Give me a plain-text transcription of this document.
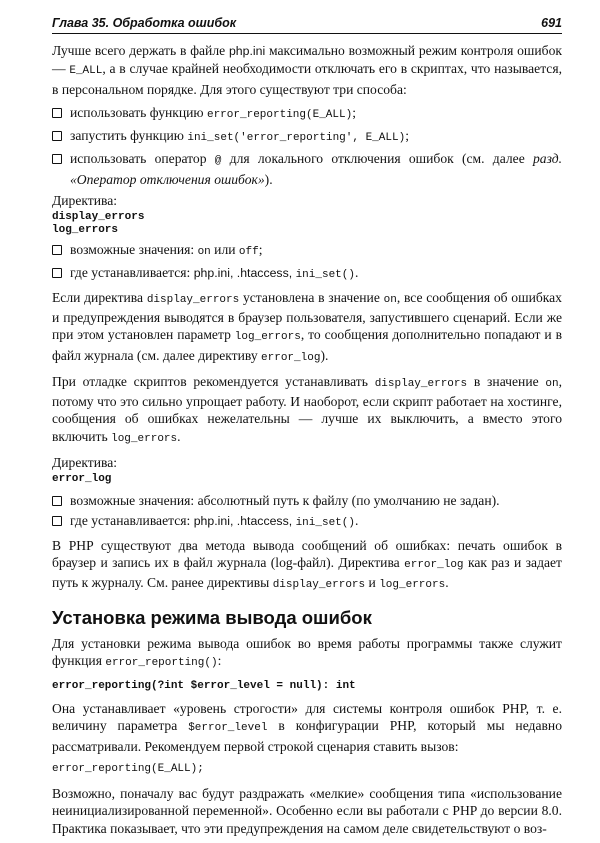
Глава 35. Обработка ошибок	691

Лучше всего держать в файле php.ini максимально возможный режим контроля ошибок — E_ALL, а в случае крайней необходимости отключать его в скриптах, что называется, в персональном порядке. Для этого существуют три способа:

использовать функцию error_reporting(E_ALL);
запустить функцию ini_set('error_reporting', E_ALL);
использовать оператор @ для локального отключения ошибок (см. далее разд. «Оператор отключения ошибок»).
Директива:
display_errors
log_errors
возможные значения: on или off;
где устанавливается: php.ini, .htaccess, ini_set().

Если директива display_errors установлена в значение on, все сообщения об ошибках и предупреждения выводятся в браузер пользователя, запустившего сценарий. Если же при этом установлен параметр log_errors, то сообщения дополнительно попадают и в файл журнала (см. далее директиву error_log).

При отладке скриптов рекомендуется устанавливать display_errors в значение on, потому что это сильно упрощает работу. И наоборот, если скрипт работает на хостинге, сообщения об ошибках нежелательны — лучше их выключить, а вместо этого включить log_errors.

Директива:
error_log
возможные значения: абсолютный путь к файлу (по умолчанию не задан).
где устанавливается: php.ini, .htaccess, ini_set().

В PHP существуют два метода вывода сообщений об ошибках: печать ошибок в браузер и запись их в файл журнала (log-файл). Директива error_log как раз и задает путь к журналу. См. ранее директивы display_errors и log_errors.

Установка режима вывода ошибок

Для установки режима вывода ошибок во время работы программы также служит функция error_reporting():

error_reporting(?int $error_level = null): int

Она устанавливает «уровень строгости» для системы контроля ошибок PHP, т. е. величину параметра $error_level в конфигурации PHP, который мы недавно рассматривали. Рекомендуем первой строкой сценария ставить вызов:

error_reporting(E_ALL);

Возможно, поначалу вас будут раздражать «мелкие» сообщения типа «использование неинициализированной переменной». Особенно если вы работали с PHP до версии 8.0. Практика показывает, что эти предупреждения на самом деле свидетельствуют о воз-
